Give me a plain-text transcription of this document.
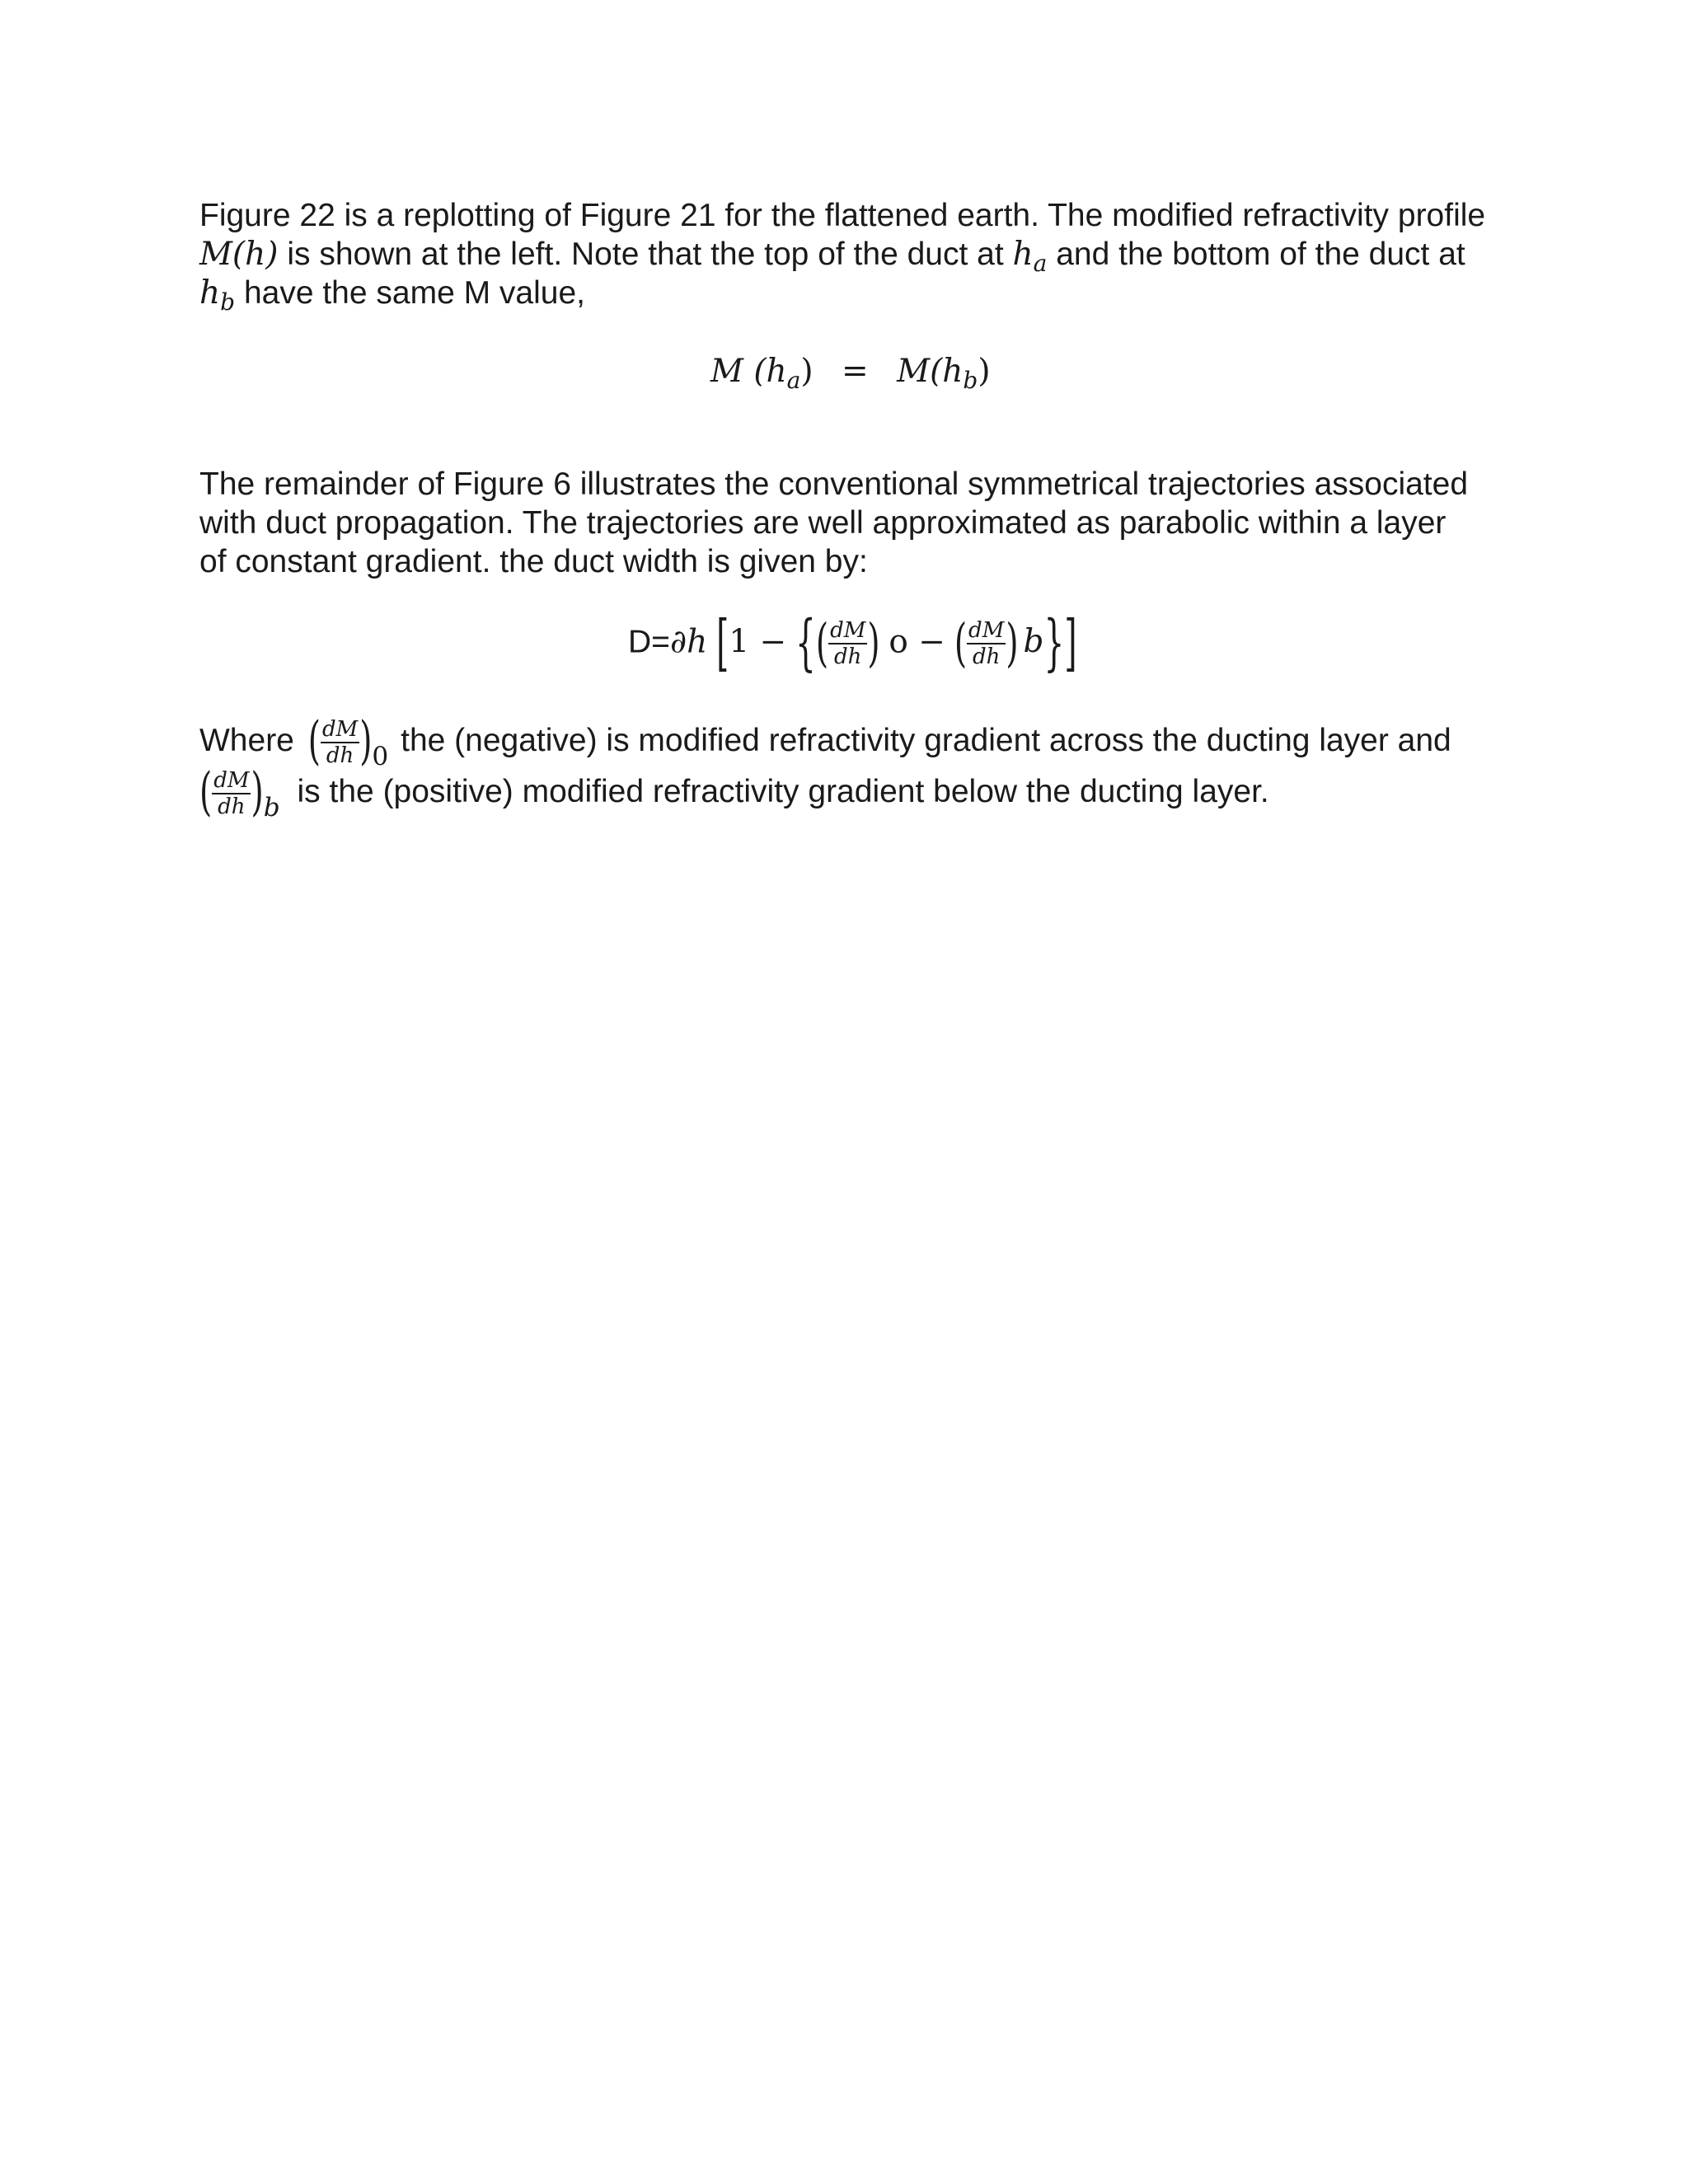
Figure 22 is a replotting of Figure 21 for the flattened earth. The modified refractivity profile
M(h) is shown at the left. Note that the top of the duct at $h_a$ and the bottom of the duct at
$h_b$ have the same M value,
M $(h_a) = M(h_b)$
The remainder of Figure 6 illustrates the conventional symmetrical trajectories associated
with duct propagation. The trajectories are well approximated as parabolic within a layer
of constant gradient. the duct width is given by:
D=∂h [1 − {( $\frac{dM}{dh}$ ) o − ( $\frac{dM}{dh}$ ) b}]
Where ( $\frac{dM}{dh} )0$ the (negative) is modified refractivity gradient across the ducting layer and
( $\frac{dM}{dh} )b$ is the (positive) modified refractivity gradient below the ducting layer.
